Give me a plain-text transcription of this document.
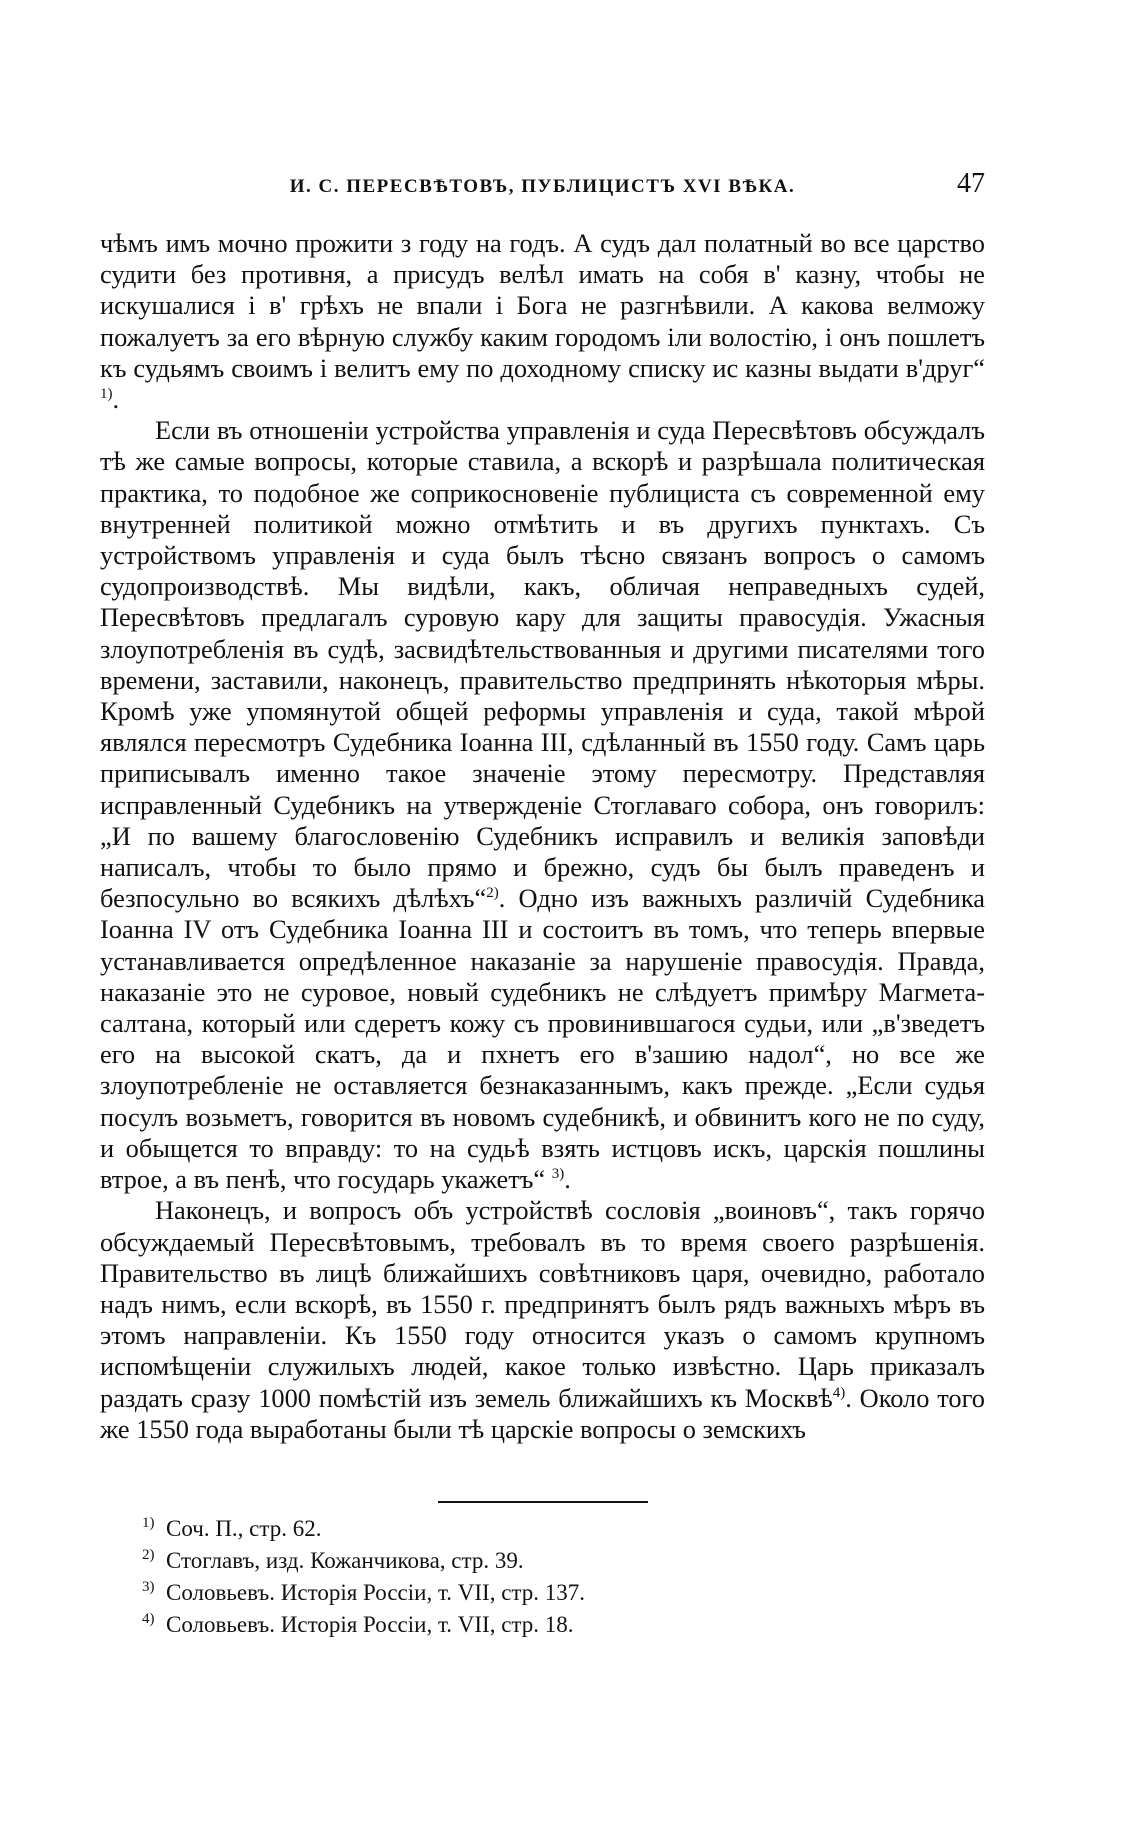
И. С. ПЕРЕСВѢТОВЪ, ПУБЛИЦИСТЪ XVI ВѢКА.	47

чѣмъ имъ мочно прожити з году на годъ. А судъ дал полатный во все царство судити без противня, а присудъ велѣл имать на собя в' казну, чтобы не искушалися і в' грѣхъ не впали і Бога не разгнѣвили. А какова велможу пожалуетъ за его вѣрную службу каким городомъ іли волостію, і онъ пошлетъ къ судьямъ своимъ і велитъ ему по доходному списку ис казны выдати в'друг“ $^{1)}$.

Если въ отношеніи устройства управленія и суда Пересвѣтовъ обсуждалъ тѣ же самые вопросы, которые ставила, а вскорѣ и разрѣшала политическая практика, то подобное же соприкосновеніе публициста съ современной ему внутренней политикой можно отмѣтить и въ другихъ пунктахъ. Съ устройствомъ управленія и суда былъ тѣсно связанъ вопросъ о самомъ судопроизводствѣ. Мы видѣли, какъ, обличая неправедныхъ судей, Пересвѣтовъ предлагалъ суровую кару для защиты правосудія. Ужасныя злоупотребленія въ судѣ, засвидѣтельствованныя и другими писателями того времени, заставили, наконецъ, правительство предпринять нѣкоторыя мѣры. Кромѣ уже упомянутой общей реформы управленія и суда, такой мѣрой являлся пересмотръ Судебника Іоанна III, сдѣланный въ 1550 году. Самъ царь приписывалъ именно такое значеніе этому пересмотру. Представляя исправленный Судебникъ на утвержденіе Стоглаваго собора, онъ говорилъ: „И по вашему благословенію Судебникъ исправилъ и великія заповѣди написалъ, чтобы то было прямо и брежно, судъ бы былъ праведенъ и безпосульно во всякихъ дѣлѣхъ“$^{2)}$. Одно изъ важныхъ различій Судебника Іоанна IV отъ Судебника Іоанна III и состоитъ въ томъ, что теперь впервые устанавливается опредѣленное наказаніе за нарушеніе правосудія. Правда, наказаніе это не суровое, новый судебникъ не слѣдуетъ примѣру Магмета-салтана, который или сдеретъ кожу съ провинившагося судьи, или „в'зведетъ его на высокой скатъ, да и пхнетъ его в'зашию надол“, но все же злоупотребленіе не оставляется безнаказаннымъ, какъ прежде. „Если судья посулъ возьметъ, говорится въ новомъ судебникѣ, и обвинитъ кого не по суду, и обыщется то вправду: то на судьѣ взять истцовъ искъ, царскія пошлины втрое, а въ пенѣ, что государь укажетъ“ $^{3)}$.

Наконецъ, и вопросъ объ устройствѣ сословія „воиновъ“, такъ горячо обсуждаемый Пересвѣтовымъ, требовалъ въ то время своего разрѣшенія. Правительство въ лицѣ ближайшихъ совѣтниковъ царя, очевидно, работало надъ нимъ, если вскорѣ, въ 1550 г. предпринятъ былъ рядъ важныхъ мѣръ въ этомъ направленіи. Къ 1550 году относится указъ о самомъ крупномъ испомѣщеніи служилыхъ людей, какое только извѣстно. Царь приказалъ раздать сразу 1000 помѣстій изъ земель ближайшихъ къ Москвѣ$^{4)}$. Около того же 1550 года выработаны были тѣ царскіе вопросы о земскихъ

1) Соч. П., стр. 62.
2) Стоглавъ, изд. Кожанчикова, стр. 39.
3) Соловьевъ. Исторія Россіи, т. VII, стр. 137.
4) Соловьевъ. Исторія Россіи, т. VII, стр. 18.
